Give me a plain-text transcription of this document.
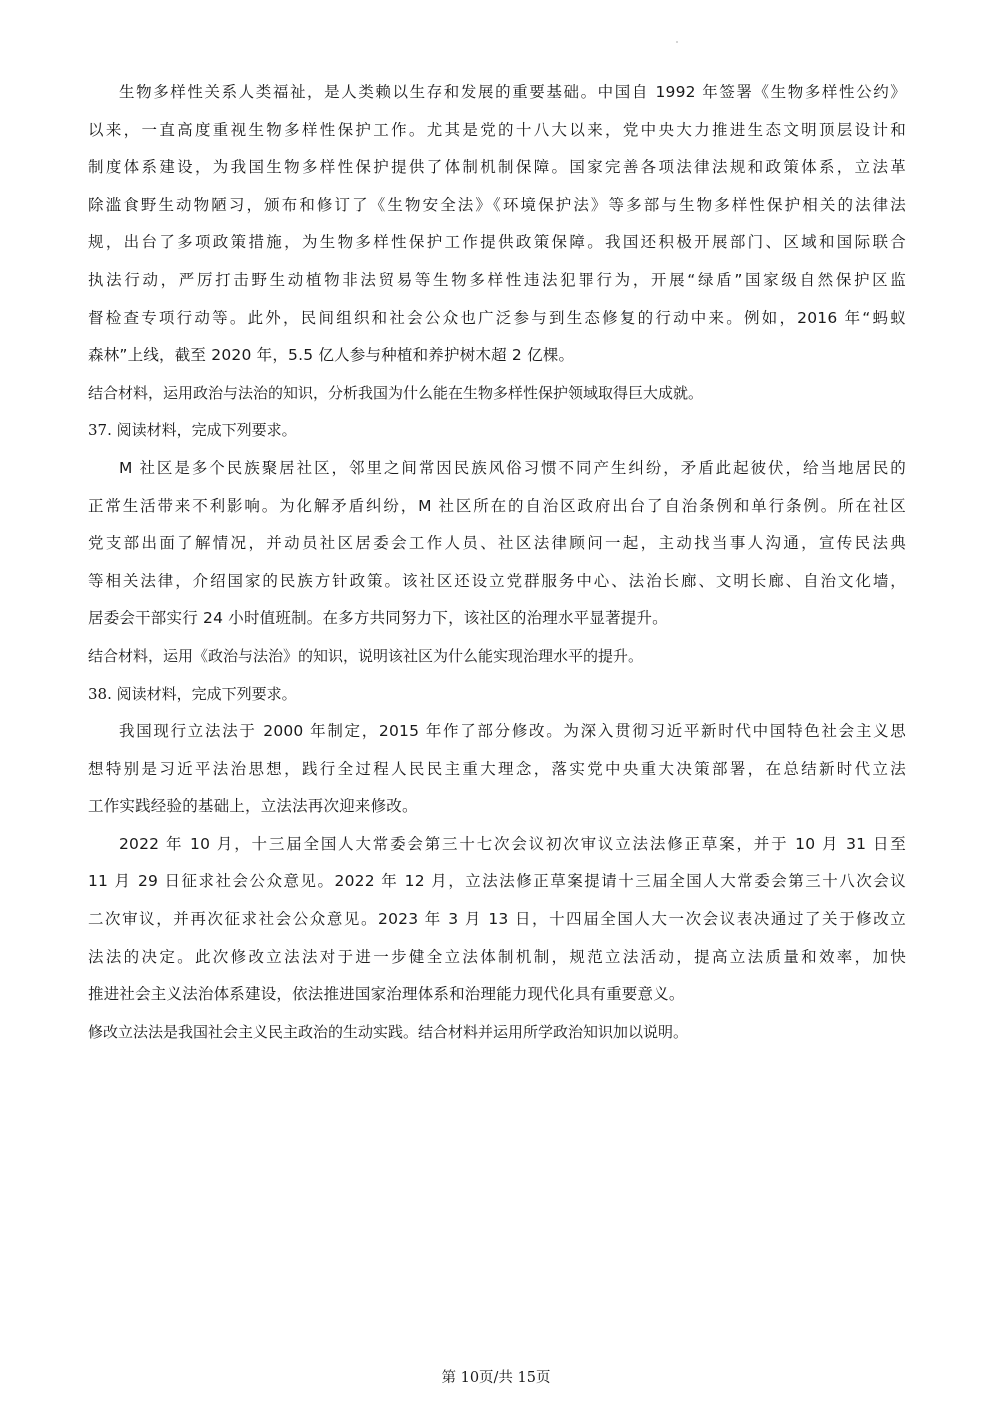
生物多样性关系人类福祉，是人类赖以生存和发展的重要基础。中国自 1992 年签署《生物多样性公约》
以来，一直高度重视生物多样性保护工作。尤其是党的十八大以来，党中央大力推进生态文明顶层设计和
制度体系建设，为我国生物多样性保护提供了体制机制保障。国家完善各项法律法规和政策体系，立法革
除滥食野生动物陋习，颁布和修订了《生物安全法》《环境保护法》等多部与生物多样性保护相关的法律法
规，出台了多项政策措施，为生物多样性保护工作提供政策保障。我国还积极开展部门、区域和国际联合
执法行动，严厉打击野生动植物非法贸易等生物多样性违法犯罪行为，开展“绿盾”国家级自然保护区监
督检查专项行动等。此外，民间组织和社会公众也广泛参与到生态修复的行动中来。例如，2016 年“蚂蚁
森林”上线，截至 2020 年，5.5 亿人参与种植和养护树木超 2 亿棵。
结合材料，运用政治与法治的知识，分析我国为什么能在生物多样性保护领域取得巨大成就。
37. 阅读材料，完成下列要求。
M 社区是多个民族聚居社区，邻里之间常因民族风俗习惯不同产生纠纷，矛盾此起彼伏，给当地居民的
正常生活带来不利影响。为化解矛盾纠纷，M 社区所在的自治区政府出台了自治条例和单行条例。所在社区
党支部出面了解情况，并动员社区居委会工作人员、社区法律顾问一起，主动找当事人沟通，宣传民法典
等相关法律，介绍国家的民族方针政策。该社区还设立党群服务中心、法治长廊、文明长廊、自治文化墙，
居委会干部实行 24 小时值班制。在多方共同努力下，该社区的治理水平显著提升。
结合材料，运用《政治与法治》的知识，说明该社区为什么能实现治理水平的提升。
38. 阅读材料，完成下列要求。
我国现行立法法于 2000 年制定，2015 年作了部分修改。为深入贯彻习近平新时代中国特色社会主义思
想特别是习近平法治思想，践行全过程人民民主重大理念，落实党中央重大决策部署，在总结新时代立法
工作实践经验的基础上，立法法再次迎来修改。
2022 年 10 月，十三届全国人大常委会第三十七次会议初次审议立法法修正草案，并于 10 月 31 日至
11 月 29 日征求社会公众意见。2022 年 12 月，立法法修正草案提请十三届全国人大常委会第三十八次会议
二次审议，并再次征求社会公众意见。2023 年 3 月 13 日，十四届全国人大一次会议表决通过了关于修改立
法法的决定。此次修改立法法对于进一步健全立法体制机制，规范立法活动，提高立法质量和效率，加快
推进社会主义法治体系建设，依法推进国家治理体系和治理能力现代化具有重要意义。
修改立法法是我国社会主义民主政治的生动实践。结合材料并运用所学政治知识加以说明。
第 10页/共 15页
